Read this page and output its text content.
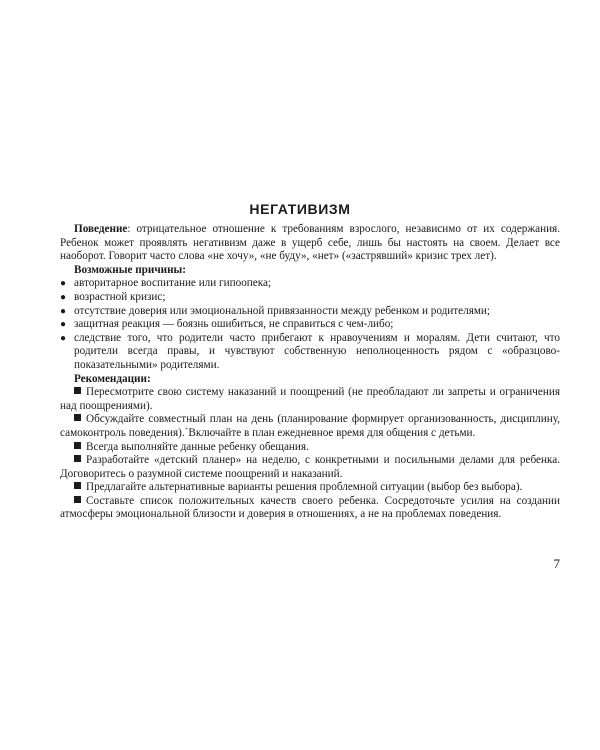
НЕГАТИВИЗМ

Поведение: отрицательное отношение к требованиям взрослого, независимо от их содержания. Ребенок может проявлять негативизм даже в ущерб себе, лишь бы настоять на своем. Делает все наоборот. Говорит часто слова «не хочу», «не буду», «нет» («застрявший» кризис трех лет).

Возможные причины:

● авторитарное воспитание или гипоопека;
● возрастной кризис;
● отсутствие доверия или эмоциональной привязанности между ребенком и родителями;
● защитная реакция — боязнь ошибиться, не справиться с чем-либо;
● следствие того, что родители часто прибегают к нравоучениям и моралям. Дети считают, что родители всегда правы, и чувствуют собственную неполноценность рядом с «образцово-показательными» родителями.

Рекомендации:

Пересмотрите свою систему наказаний и поощрений (не преобладают ли запреты и ограничения над поощрениями).

Обсуждайте совместный план на день (планирование формирует организованность, дисциплину, самоконтроль поведения).`Включайте в план ежедневное время для общения с детьми.

Всегда выполняйте данные ребенку обещания.

Разработайте «детский планер» на неделю, с конкретными и посильными делами для ребенка. Договоритесь о разумной системе поощрений и наказаний.

Предлагайте альтернативные варианты решения проблемной ситуации (выбор без выбора).

Составьте список положительных качеств своего ребенка. Сосредоточьте усилия на создании атмосферы эмоциональной близости и доверия в отношениях, а не на проблемах поведения.

7
